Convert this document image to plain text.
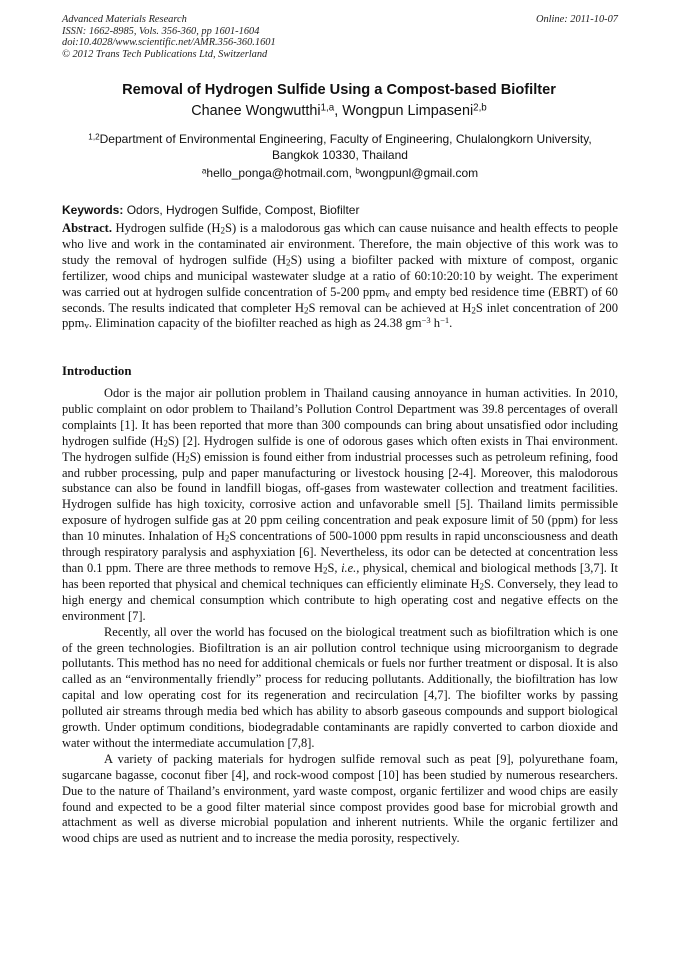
Advanced Materials Research
ISSN: 1662-8985, Vols. 356-360, pp 1601-1604
doi:10.4028/www.scientific.net/AMR.356-360.1601
© 2012 Trans Tech Publications Ltd, Switzerland
Online: 2011-10-07
Removal of Hydrogen Sulfide Using a Compost-based Biofilter
Chanee Wongwutthi$^{1,a}$, Wongpun Limpaseni$^{2,b}$
$^{1,2}$Department of Environmental Engineering, Faculty of Engineering, Chulalongkorn University,
Bangkok 10330, Thailand
$^a$hello_ponga@hotmail.com, $^b$wongpunl@gmail.com
Keywords: Odors, Hydrogen Sulfide, Compost, Biofilter
Abstract. Hydrogen sulfide $(H_2S)$ is a malodorous gas which can cause nuisance and health effects to people who live and work in the contaminated air environment. Therefore, the main objective of this work was to study the removal of hydrogen sulfide $(H_2S)$ using a biofilter packed with mixture of compost, organic fertilizer, wood chips and municipal wastewater sludge at a ratio of 60:10:20:10 by weight. The experiment was carried out at hydrogen sulfide concentration of 5-200 ppm$_v$ and empty bed residence time (EBRT) of 60 seconds. The results indicated that completer $H_2S$ removal can be achieved at $H_2S$ inlet concentration of 200 ppm$_v$. Elimination capacity of the biofilter reached as high as 24.38 $gm^{-3}$ $h^{-1}$.
Introduction

Odor is the major air pollution problem in Thailand causing annoyance in human activities. In 2010, public complaint on odor problem to Thailand’s Pollution Control Department was 39.8 percentages of overall complaints [1]. It has been reported that more than 300 compounds can bring about unsatisfied odor including hydrogen sulfide $(H_2S)$ [2]. Hydrogen sulfide is one of odorous gases which often exists in Thai environment. The hydrogen sulfide $(H_2S)$ emission is found either from industrial processes such as petroleum refining, food and rubber processing, pulp and paper manufacturing or livestock housing [2-4]. Moreover, this malodorous substance can also be found in landfill biogas, off-gases from wastewater collection and treatment facilities. Hydrogen sulfide has high toxicity, corrosive action and unfavorable smell [5]. Thailand limits permissible exposure of hydrogen sulfide gas at 20 ppm ceiling concentration and peak exposure limit of 50 (ppm) for less than 10 minutes. Inhalation of $H_2S$ concentrations of 500-1000 ppm results in rapid unconsciousness and death through respiratory paralysis and asphyxiation [6]. Nevertheless, its odor can be detected at concentration less than 0.1 ppm. There are three methods to remove $H_2S$, i.e., physical, chemical and biological methods [3,7]. It has been reported that physical and chemical techniques can efficiently eliminate $H_2S$. Conversely, they lead to high energy and chemical consumption which contribute to high operating cost and negative effects on the environment [7].

Recently, all over the world has focused on the biological treatment such as biofiltration which is one of the green technologies. Biofiltration is an air pollution control technique using microorganism to degrade pollutants. This method has no need for additional chemicals or fuels nor further treatment or disposal. It is also called as an “environmentally friendly” process for reducing pollutants. Additionally, the biofiltration has low capital and low operating cost for its regeneration and recirculation [4,7]. The biofilter works by passing polluted air streams through media bed which has ability to absorb gaseous compounds and support biological growth. Under optimum conditions, biodegradable contaminants are rapidly converted to carbon dioxide and water without the intermediate accumulation [7,8].

A variety of packing materials for hydrogen sulfide removal such as peat [9], polyurethane foam, sugarcane bagasse, coconut fiber [4], and rock-wood compost [10] has been studied by numerous researchers. Due to the nature of Thailand’s environment, yard waste compost, organic fertilizer and wood chips are easily found and expected to be a good filter material since compost provides good base for microbial growth and attachment as well as diverse microbial population and inherent nutrients. While the organic fertilizer and wood chips are used as nutrient and to increase the media porosity, respectively.
